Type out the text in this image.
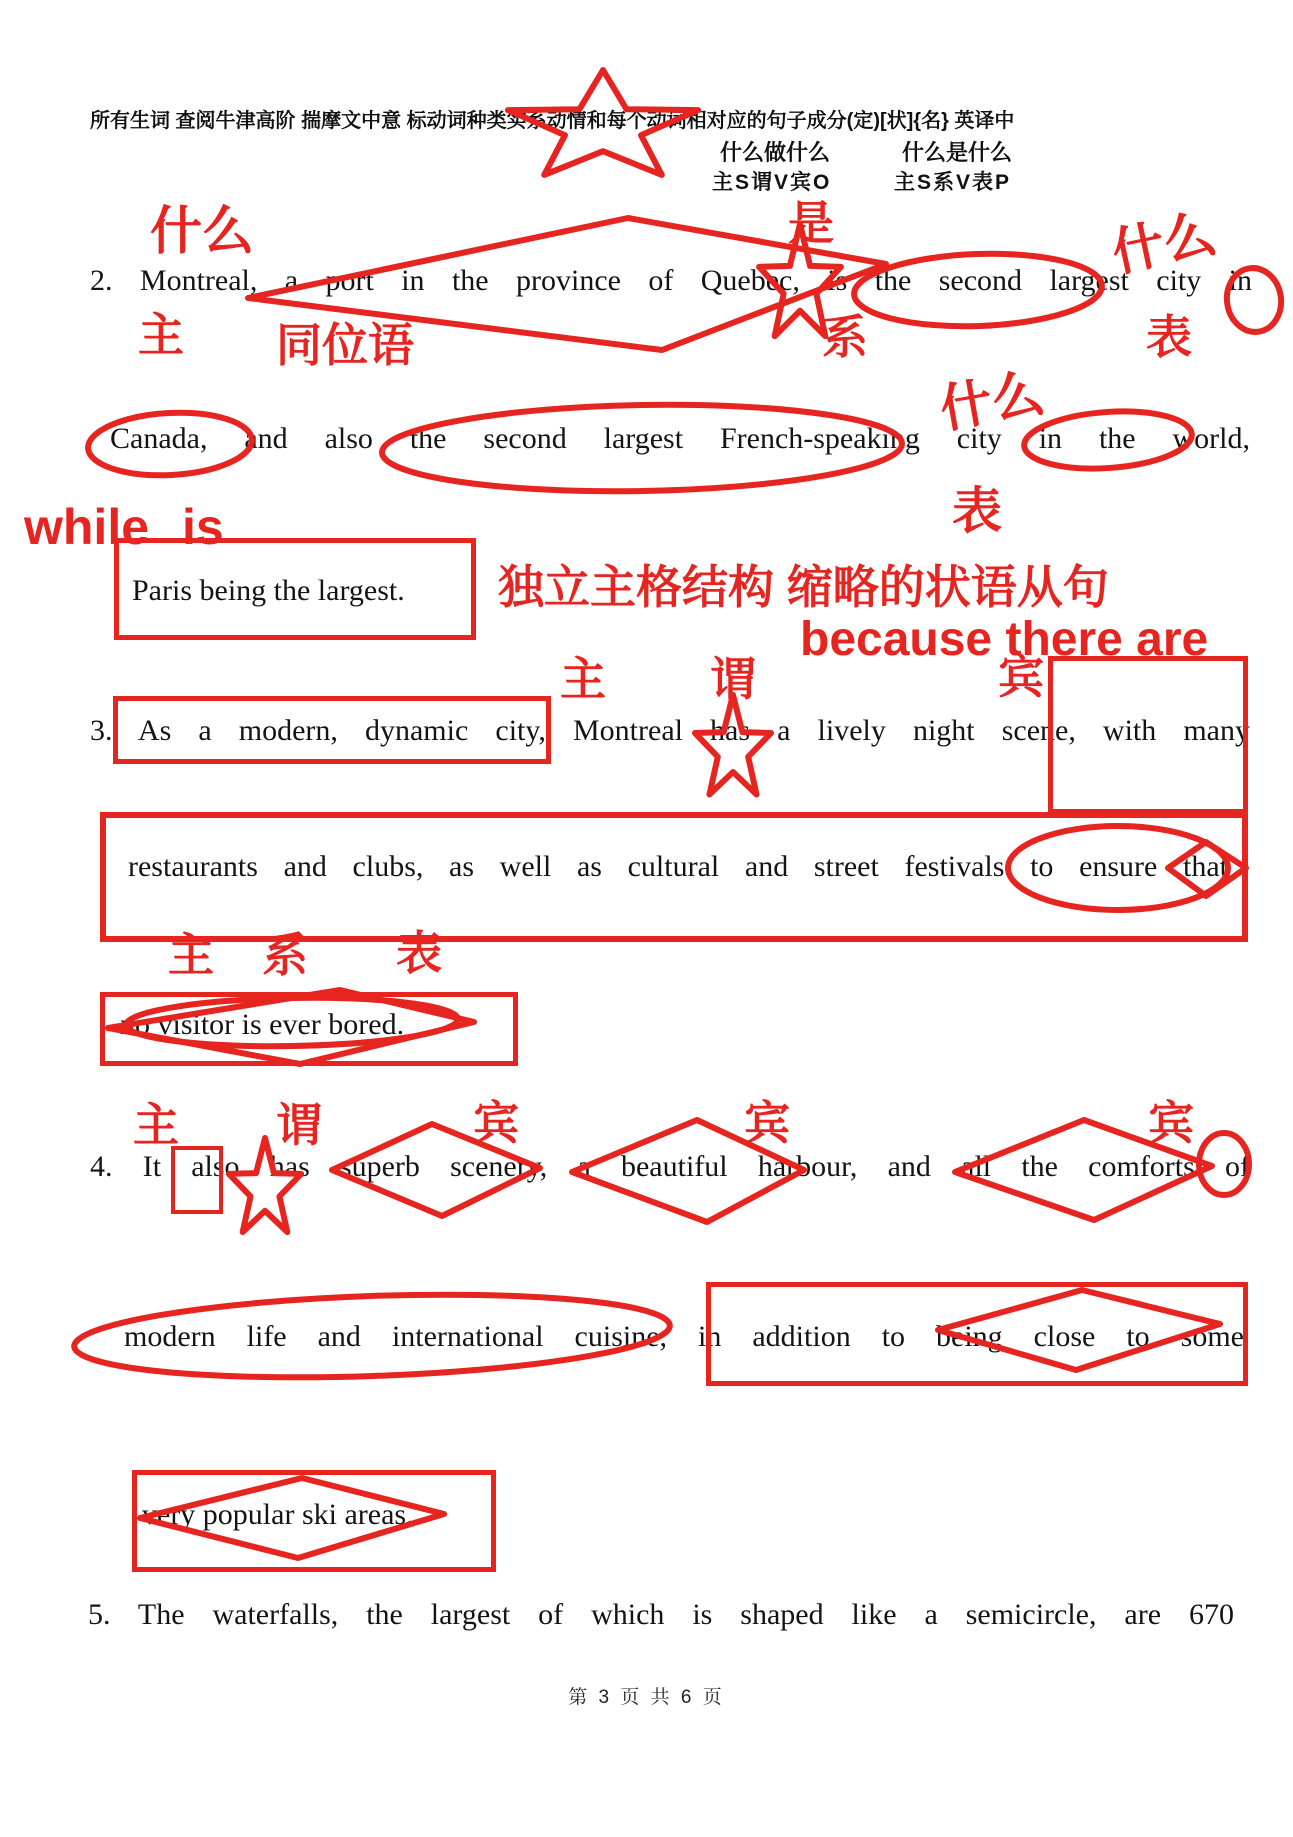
所有生词 查阅牛津高阶 揣摩文中意 标动词种类实系动情和每个动词相对应的句子成分(定)[状]{名} 英译中
什么做什么	什么是什么
主S谓V宾O	主S系V表P
什么	是	什么
2. Montreal, a port in the province of Quebec, is the second largest city in
主 同位语	系	表
什么
Canada, and also the second largest French-speaking city in the world,
表
while is
Paris being the largest. 独立主格结构 缩略的状语从句
because there are
主 谓	宾
3. As a modern, dynamic city, Montreal has a lively night scene, with many
restaurants and clubs, as well as cultural and street festivals to ensure that
主 系 表
no visitor is ever bored.
主 谓	宾	宾	宾
4. It also has superb scenery, a beautiful harbour, and all the comforts of
modern life and international cuisine, in addition to being close to some
very popular ski areas.
5. The waterfalls, the largest of which is shaped like a semicircle, are 670
第 3 页 共 6 页
